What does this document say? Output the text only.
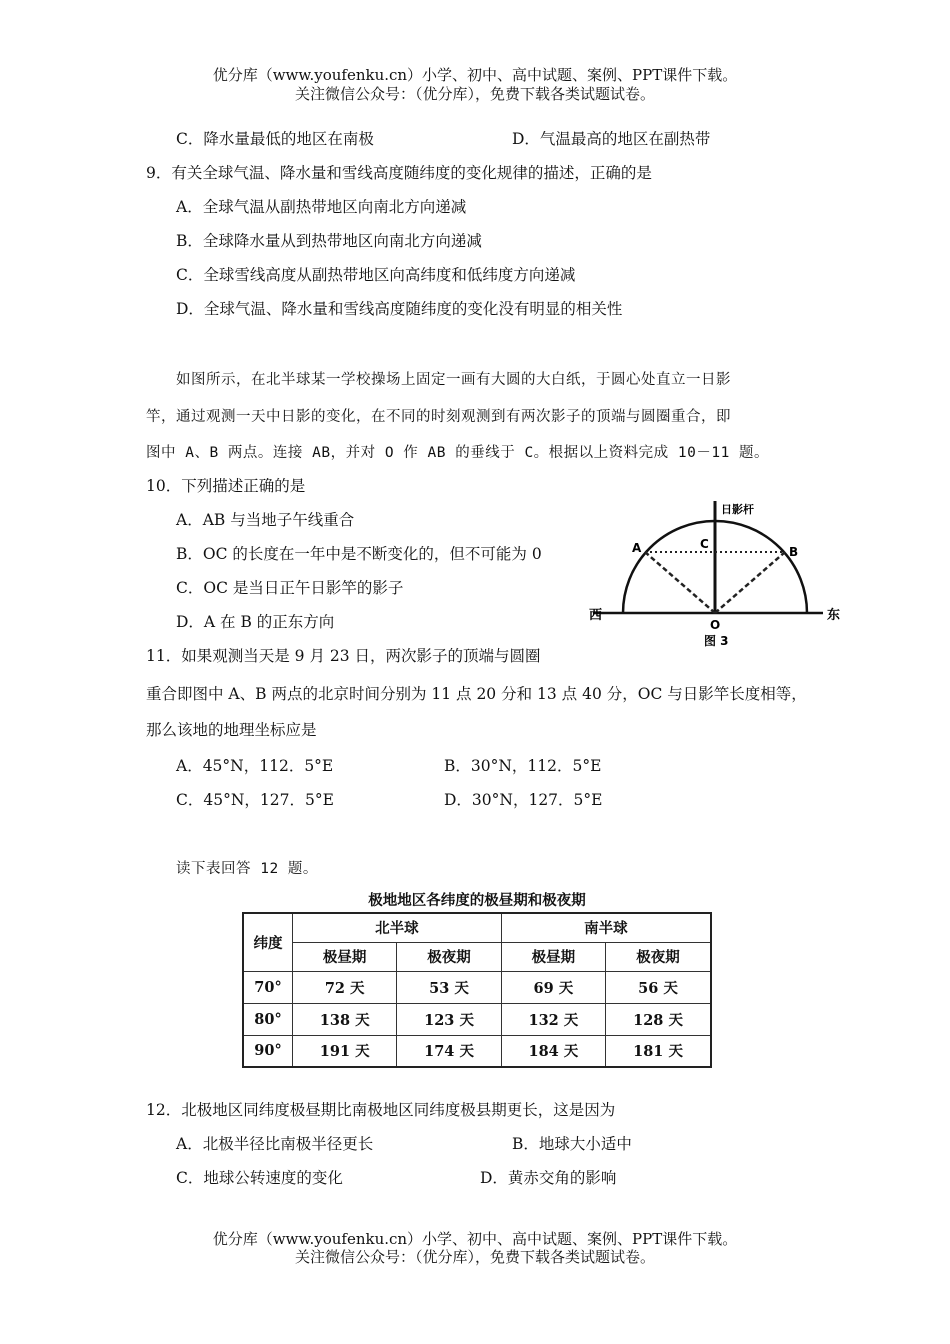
优分库（www.youfenku.cn）小学、初中、高中试题、案例、PPT课件下载。
关注微信公众号：（优分库），免费下载各类试题试卷。
C．降水量最低的地区在南极	D．气温最高的地区在副热带
9．有关全球气温、降水量和雪线高度随纬度的变化规律的描述，正确的是
A．全球气温从副热带地区向南北方向递减
B．全球降水量从到热带地区向南北方向递减
C．全球雪线高度从副热带地区向高纬度和低纬度方向递减
D．全球气温、降水量和雪线高度随纬度的变化没有明显的相关性
如图所示，在北半球某一学校操场上固定一画有大圆的大白纸，于圆心处直立一日影
竿，通过观测一天中日影的变化，在不同的时刻观测到有两次影子的顶端与圆圈重合，即
图中 A、B 两点。连接 AB，并对 O 作 AB 的垂线于 C。根据以上资料完成 10－11 题。
10．下列描述正确的是
A．AB 与当地子午线重合
B．OC 的长度在一年中是不断变化的，但不可能为 0
C．OC 是当日正午日影竿的影子
D．A 在 B 的正东方向
日影杆
A	B
C
O
西	东
图 3
11．如果观测当天是 9 月 23 日，两次影子的顶端与圆圈
重合即图中 A、B 两点的北京时间分别为 11 点 20 分和 13 点 40 分，OC 与日影竿长度相等，
那么该地的地理坐标应是
A．45°N，112．5°E	B．30°N，112．5°E
C．45°N，127．5°E	D．30°N，127．5°E
读下表回答 12 题。
极地地区各纬度的极昼期和极夜期
纬度	北半球		南半球	
	极昼期	极夜期	极昼期	极夜期
70°	72 天	53 天	69 天	56 天
80°	138 天	123 天	132 天	128 天
90°	191 天	174 天	184 天	181 天
12．北极地区同纬度极昼期比南极地区同纬度极县期更长，这是因为
A．北极半径比南极半径更长	B．地球大小适中
C．地球公转速度的变化	D．黄赤交角的影响
优分库（www.youfenku.cn）小学、初中、高中试题、案例、PPT课件下载。
关注微信公众号：（优分库），免费下载各类试题试卷。
